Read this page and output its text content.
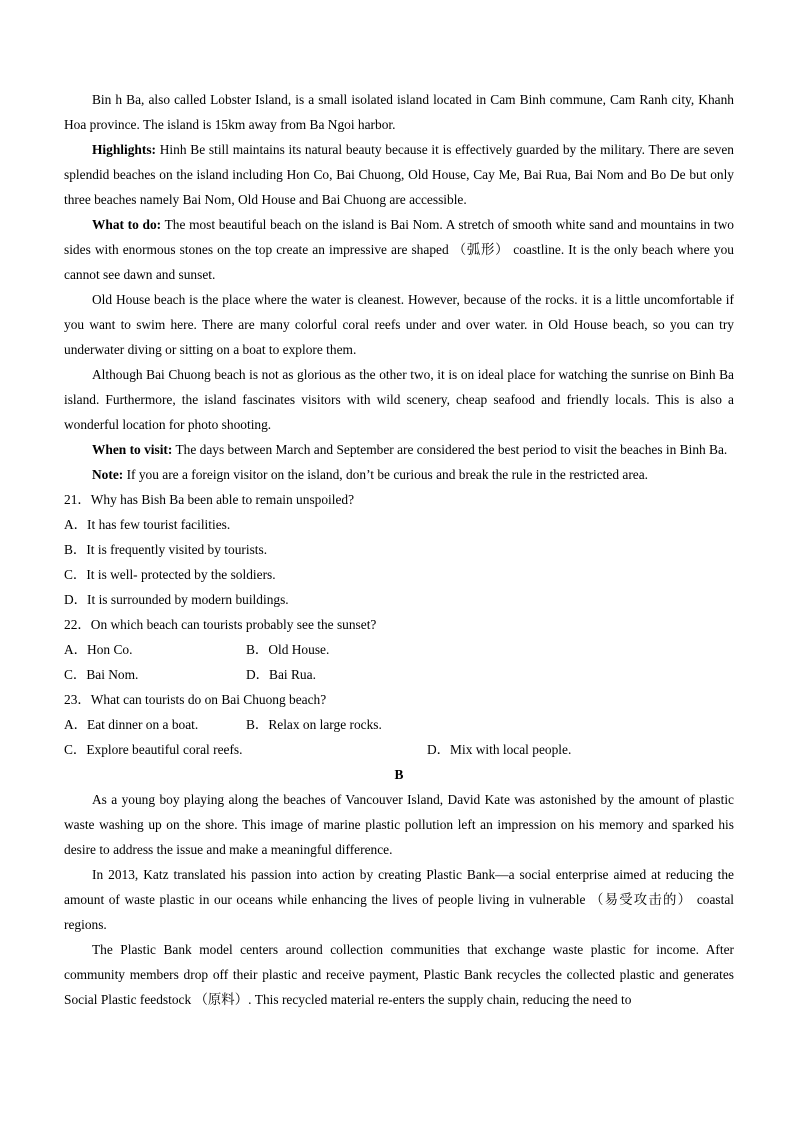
Bin h Ba, also called Lobster Island, is a small isolated island located in Cam Binh commune, Cam Ranh city, Khanh Hoa province. The island is 15km away from Ba Ngoi harbor.

Highlights: Hinh Be still maintains its natural beauty because it is effectively guarded by the military. There are seven splendid beaches on the island including Hon Co, Bai Chuong, Old House, Cay Me, Bai Rua, Bai Nom and Bo De but only three beaches namely Bai Nom, Old House and Bai Chuong are accessible.

What to do: The most beautiful beach on the island is Bai Nom. A stretch of smooth white sand and mountains in two sides with enormous stones on the top create an impressive are shaped （弧形） coastline. It is the only beach where you cannot see dawn and sunset.

Old House beach is the place where the water is cleanest. However, because of the rocks. it is a little uncomfortable if you want to swim here. There are many colorful coral reefs under and over water. in Old House beach, so you can try underwater diving or sitting on a boat to explore them.

Although Bai Chuong beach is not as glorious as the other two, it is on ideal place for watching the sunrise on Binh Ba island. Furthermore, the island fascinates visitors with wild scenery, cheap seafood and friendly locals. This is also a wonderful location for photo shooting.

When to visit: The days between March and September are considered the best period to visit the beaches in Binh Ba.

Note: If you are a foreign visitor on the island, don’t be curious and break the rule in the restricted area.

21．Why has Bish Ba been able to remain unspoiled?
A．It has few tourist facilities.
B．It is frequently visited by tourists.
C．It is well- protected by the soldiers.
D．It is surrounded by modern buildings.
22．On which beach can tourists probably see the sunset?
A．Hon Co.	B．Old House.
C．Bai Nom.	D．Bai Rua.
23．What can tourists do on Bai Chuong beach?
A．Eat dinner on a boat.	B．Relax on large rocks.
C．Explore beautiful coral reefs.	D．Mix with local people.
B

As a young boy playing along the beaches of Vancouver Island, David Kate was astonished by the amount of plastic waste washing up on the shore. This image of marine plastic pollution left an impression on his memory and sparked his desire to address the issue and make a meaningful difference.

In 2013, Katz translated his passion into action by creating Plastic Bank—a social enterprise aimed at reducing the amount of waste plastic in our oceans while enhancing the lives of people living in vulnerable （易受攻击的） coastal regions.

The Plastic Bank model centers around collection communities that exchange waste plastic for income. After community members drop off their plastic and receive payment, Plastic Bank recycles the collected plastic and generates Social Plastic feedstock （原料）. This recycled material re-enters the supply chain, reducing the need to
